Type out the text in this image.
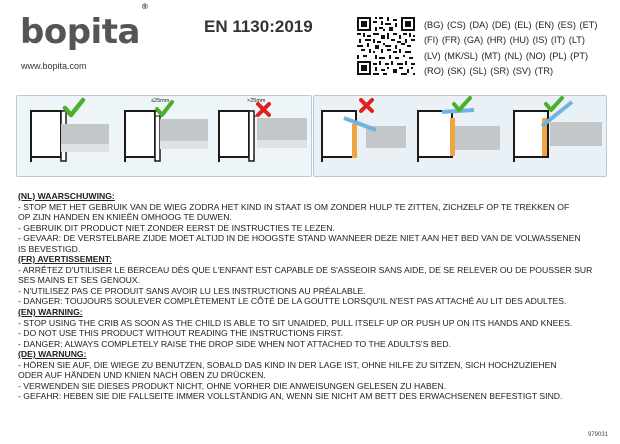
bopita®
www.bopita.com
EN 1130:2019	(BG) (CS) (DA) (DE) (EL) (EN) (ES) (ET)
(FI) (FR) (GA) (HR) (HU) (IS) (IT) (LT)
(LV) (MK/SL) (MT) (NL) (NO) (PL) (PT)
(RO) (SK) (SL) (SR) (SV) (TR)
≤25mm	>25mm
(NL) WAARSCHUWING:
- STOP MET HET GEBRUIK VAN DE WIEG ZODRA HET KIND IN STAAT IS OM ZONDER HULP TE ZITTEN, ZICHZELF OP TE TREKKEN OF
OP ZIJN HANDEN EN KNIEËN OMHOOG TE DUWEN.
- GEBRUIK DIT PRODUCT NIET ZONDER EERST DE INSTRUCTIES TE LEZEN.
- GEVAAR: DE VERSTELBARE ZIJDE MOET ALTIJD IN DE HOOGSTE STAND WANNEER DEZE NIET AAN HET BED VAN DE VOLWASSENEN
IS BEVESTIGD.
(FR) AVERTISSEMENT:
- ARRÊTEZ D'UTILISER LE BERCEAU DÈS QUE L'ENFANT EST CAPABLE DE S'ASSEOIR SANS AIDE, DE SE RELEVER OU DE POUSSER SUR
SES MAINS ET SES GENOUX.
- N'UTILISEZ PAS CE PRODUIT SANS AVOIR LU LES INSTRUCTIONS AU PRÉALABLE.
- DANGER: TOUJOURS SOULEVER COMPLÈTEMENT LE CÔTÉ DE LA GOUTTE LORSQU'IL N'EST PAS ATTACHÉ AU LIT DES ADULTES.
(EN) WARNING:
- STOP USING THE CRIB AS SOON AS THE CHILD IS ABLE TO SIT UNAIDED, PULL ITSELF UP OR PUSH UP ON ITS HANDS AND KNEES.
- DO NOT USE THIS PRODUCT WITHOUT READING THE INSTRUCTIONS FIRST.
- DANGER: ALWAYS COMPLETELY RAISE THE DROP SIDE WHEN NOT ATTACHED TO THE ADULTS'S BED.
(DE) WARNUNG:
- HÖREN SIE AUF, DIE WIEGE ZU BENUTZEN, SOBALD DAS KIND IN DER LAGE IST, OHNE HILFE ZU SITZEN, SICH HOCHZUZIEHEN
ODER AUF HÄNDEN UND KNIEN NACH OBEN ZU DRÜCKEN.
- VERWENDEN SIE DIESES PRODUKT NICHT, OHNE VORHER DIE ANWEISUNGEN GELESEN ZU HABEN.
- GEFAHR: HEBEN SIE DIE FALLSEITE IMMER VOLLSTÄNDIG AN, WENN SIE NICHT AM BETT DES ERWACHSENEN BEFESTIGT SIND.
979031
